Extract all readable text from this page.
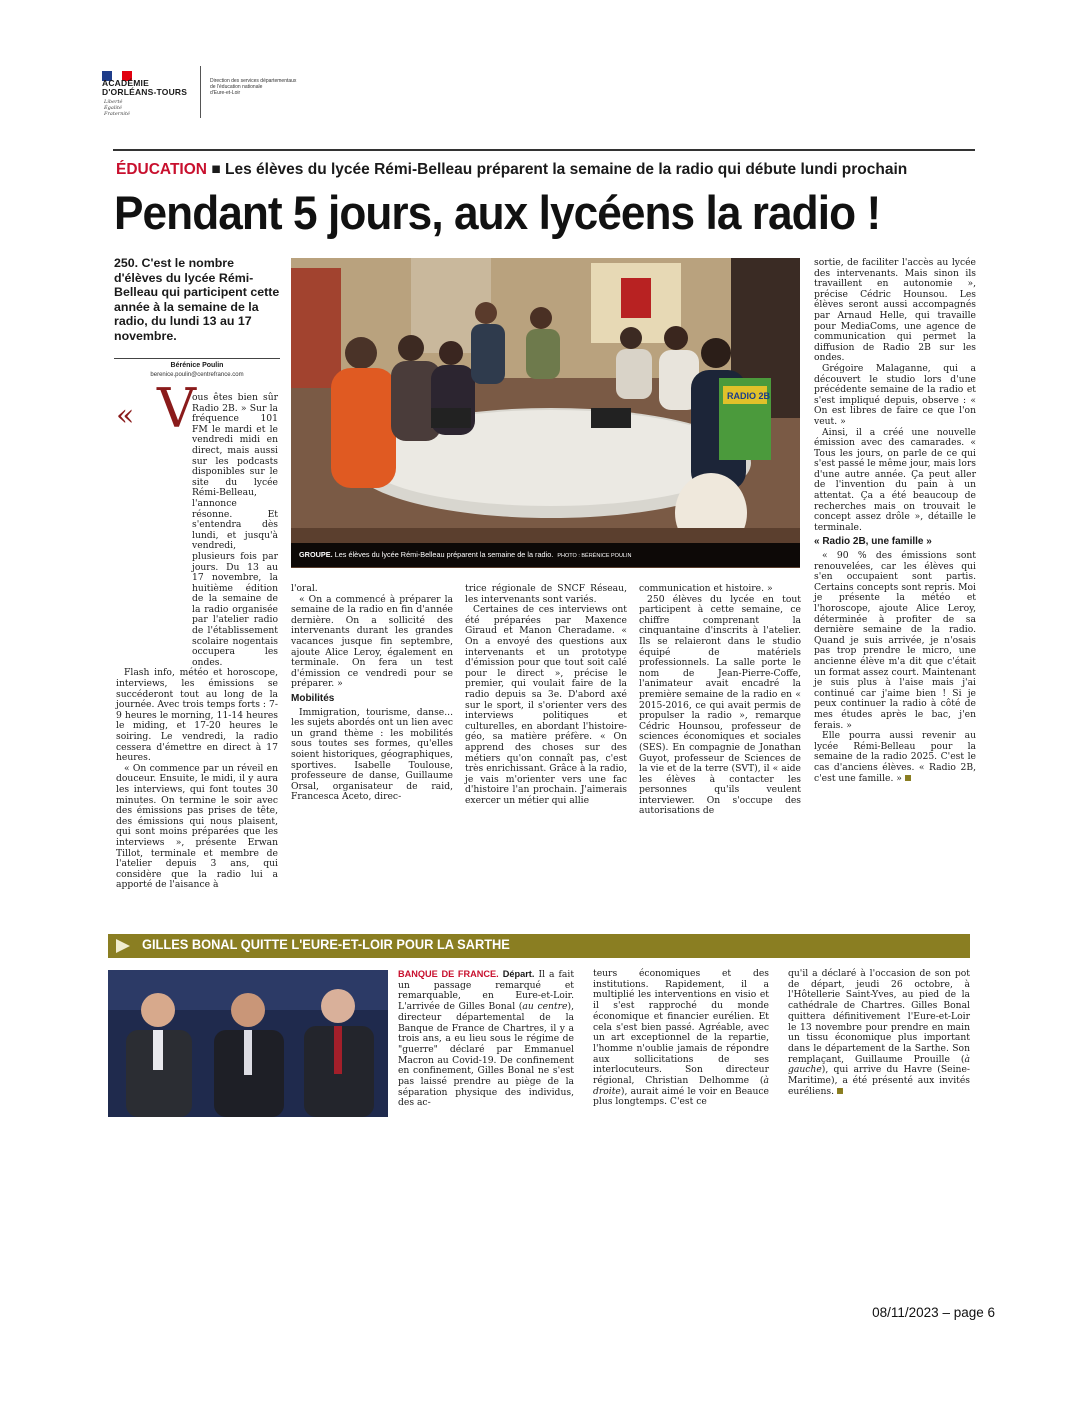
ACADÉMIE
D'ORLÉANS-TOURS
Liberté
Égalité
Fraternité
Direction des services départementaux
de l'éducation nationale
d'Eure-et-Loir
ÉDUCATION ■ Les élèves du lycée Rémi-Belleau préparent la semaine de la radio qui débute lundi prochain
Pendant 5 jours, aux lycéens la radio !
250. C'est le nombre d'élèves du lycée Rémi-Belleau qui participent cette année à la semaine de la radio, du lundi 13 au 17 novembre.
Bérénice Poulin
berenice.poulin@centrefrance.com
« V

ous êtes bien sûr Radio 2B. » Sur la fréquence 101 FM le mardi et le vendredi midi en direct, mais aussi sur les podcasts disponibles sur le site du lycée Rémi-Belleau, l'annonce résonne. Et s'entendra dès lundi, et jusqu'à vendredi, plusieurs fois par jours. Du 13 au 17 novembre, la huitième édition de la semaine de la radio organisée par l'atelier radio de l'établissement scolaire nogentais occupera les ondes.

Flash info, météo et horoscope, interviews, les émissions se succéderont tout au long de la journée. Avec trois temps forts : 7-9 heures le morning, 11-14 heures le miding, et 17-20 heures le soiring. Le vendredi, la radio cessera d'émettre en direct à 17 heures.

« On commence par un réveil en douceur. Ensuite, le midi, il y aura les interviews, qui font toutes 30 minutes. On termine le soir avec des émissions pas prises de tête, des émissions qui nous plaisent, qui sont moins préparées que les interviews », présente Erwan Tillot, terminale et membre de l'atelier depuis 3 ans, qui considère que la radio lui a apporté de l'aisance à

RADIO 2B
GROUPE. Les élèves du lycée Rémi-Belleau préparent la semaine de la radio. PHOTO : BÉRÉNICE POULIN

l'oral.

« On a commencé à préparer la semaine de la radio en fin d'année dernière. On a sollicité des intervenants durant les grandes vacances jusque fin septembre, ajoute Alice Leroy, également en terminale. On fera un test d'émission ce vendredi pour se préparer. »

Mobilités

Immigration, tourisme, danse... les sujets abordés ont un lien avec un grand thème : les mobilités sous toutes ses formes, qu'elles soient historiques, géographiques, sportives. Isabelle Toulouse, professeure de danse, Guillaume Orsal, organisateur de raid, Francesca Aceto, direc-

trice régionale de SNCF Réseau, les intervenants sont variés.

Certaines de ces interviews ont été préparées par Maxence Giraud et Manon Cheradame. « On a envoyé des questions aux intervenants et un prototype d'émission pour que tout soit calé pour le direct », précise le premier, qui voulait faire de la radio depuis sa 3e. D'abord axé sur le sport, il s'orienter vers des interviews politiques et culturelles, en abordant l'histoire-géo, sa matière préfère. « On apprend des choses sur des métiers qu'on connaît pas, c'est très enrichissant. Grâce à la radio, je vais m'orienter vers une fac d'histoire l'an prochain. J'aimerais exercer un métier qui allie

communication et histoire. »

250 élèves du lycée en tout participent à cette semaine, ce chiffre comprenant la cinquantaine d'inscrits à l'atelier. Ils se relaieront dans le studio équipé de matériels professionnels. La salle porte le nom de Jean-Pierre-Coffe, l'animateur avait encadré la première semaine de la radio en « 2015-2016, ce qui avait permis de propulser la radio », remarque Cédric Hounsou, professeur de sciences économiques et sociales (SES). En compagnie de Jonathan Guyot, professeur de Sciences de la vie et de la terre (SVT), il « aide les élèves à contacter les personnes qu'ils veulent interviewer. On s'occupe des autorisations de

sortie, de faciliter l'accès au lycée des intervenants. Mais sinon ils travaillent en autonomie », précise Cédric Hounsou. Les élèves seront aussi accompagnés par Arnaud Helle, qui travaille pour MediaComs, une agence de communication qui permet la diffusion de Radio 2B sur les ondes.

Grégoire Malaganne, qui a découvert le studio lors d'une précédente semaine de la radio et s'est impliqué depuis, observe : « On est libres de faire ce que l'on veut. »

Ainsi, il a créé une nouvelle émission avec des camarades. « Tous les jours, on parle de ce qui s'est passé le même jour, mais lors d'une autre année. Ça peut aller de l'invention du pain à un attentat. Ça a été beaucoup de recherches mais on trouvait le concept assez drôle », détaille le terminale.

« Radio 2B, une famille »

« 90 % des émissions sont renouvelées, car les élèves qui s'en occupaient sont partis. Certains concepts sont repris. Moi je présente la météo et l'horoscope, ajoute Alice Leroy, déterminée à profiter de sa dernière semaine de la radio. Quand je suis arrivée, je n'osais pas trop prendre le micro, une ancienne élève m'a dit que c'était un format assez court. Maintenant je suis plus à l'aise mais j'ai continué car j'aime bien ! Si je peux continuer la radio à côté de mes études après le bac, j'en ferais. »

Elle pourra aussi revenir au lycée Rémi-Belleau pour la semaine de la radio 2025. C'est le cas d'anciens élèves. « Radio 2B, c'est une famille. »

GILLES BONAL QUITTE L'EURE-ET-LOIR POUR LA SARTHE
BANQUE DE FRANCE. Départ. Il a fait un passage remarqué et remarquable, en Eure-et-Loir. L'arrivée de Gilles Bonal (au centre), directeur départemental de la Banque de France de Chartres, il y a trois ans, a eu lieu sous le régime de "guerre" déclaré par Emmanuel Macron au Covid-19. De confinement en confinement, Gilles Bonal ne s'est pas laissé prendre au piège de la séparation physique des individus, des ac-
teurs économiques et des institutions. Rapidement, il a multiplié les interventions en visio et il s'est rapproché du monde économique et financier eurélien. Et cela s'est bien passé. Agréable, avec un art exceptionnel de la repartie, l'homme n'oublie jamais de répondre aux sollicitations de ses interlocuteurs. Son directeur régional, Christian Delhomme (à droite), aurait aimé le voir en Beauce plus longtemps. C'est ce
qu'il a déclaré à l'occasion de son pot de départ, jeudi 26 octobre, à l'Hôtellerie Saint-Yves, au pied de la cathédrale de Chartres. Gilles Bonal quittera définitivement l'Eure-et-Loir le 13 novembre pour prendre en main un tissu économique plus important dans le département de la Sarthe. Son remplaçant, Guillaume Prouille (à gauche), qui arrive du Havre (Seine-Maritime), a été présenté aux invités euréliens.
08/11/2023 – page 6
